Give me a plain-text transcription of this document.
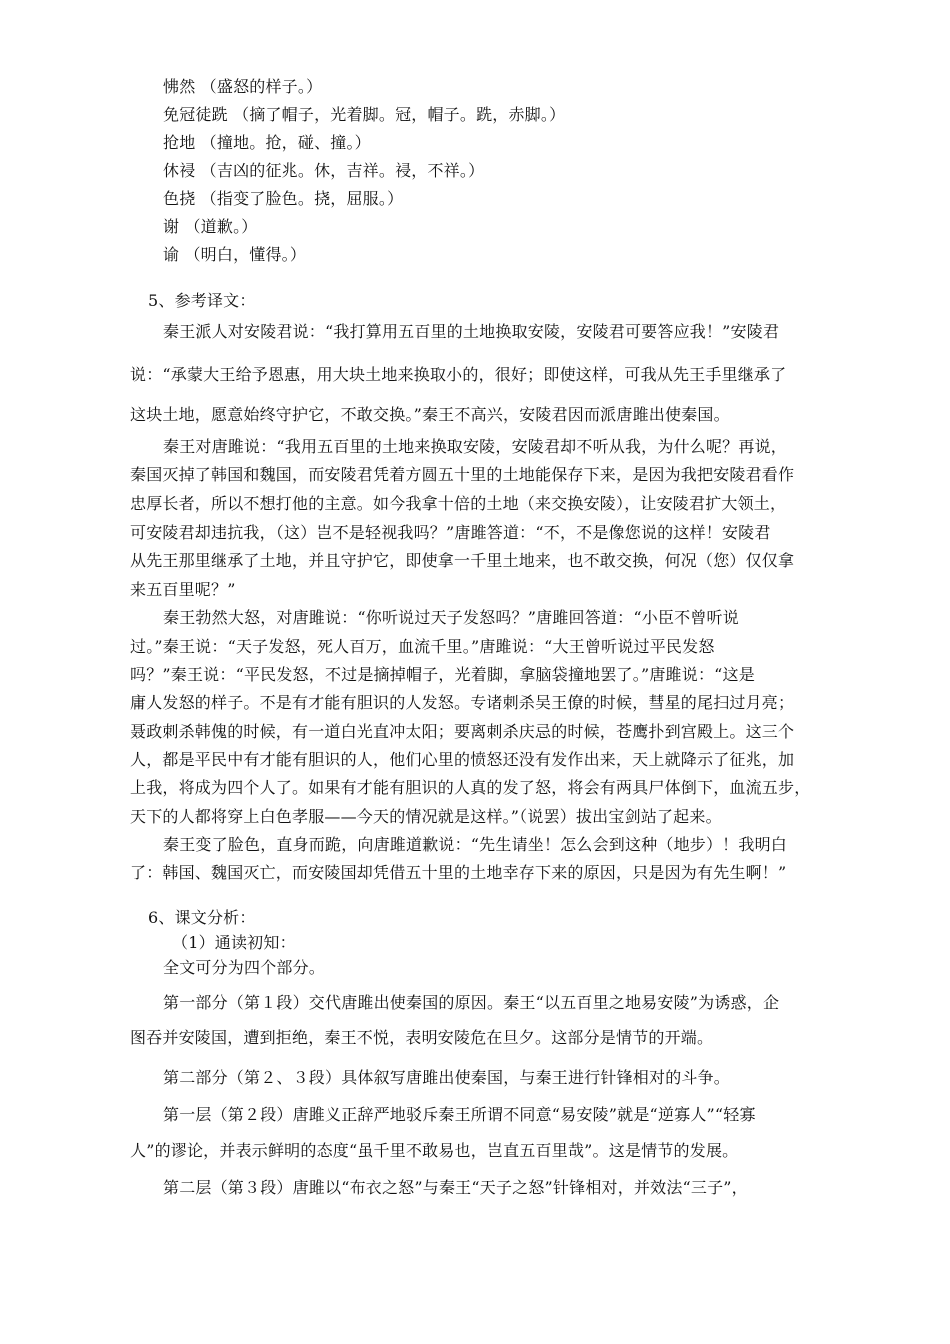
怫然 （盛怒的样子。）
免冠徒跣 （摘了帽子，光着脚。冠，帽子。跣，赤脚。）
抢地 （撞地。抢，碰、撞。）
休祲 （吉凶的征兆。休，吉祥。祲，不祥。）
色挠 （指变了脸色。挠，屈服。）
谢 （道歉。）
谕 （明白，懂得。）
5、参考译文：
秦王派人对安陵君说：“我打算用五百里的土地换取安陵，安陵君可要答应我！”安陵君
说：“承蒙大王给予恩惠，用大块土地来换取小的，很好；即使这样，可我从先王手里继承了
这块土地，愿意始终守护它，不敢交换。”秦王不高兴，安陵君因而派唐雎出使秦国。
秦王对唐雎说：“我用五百里的土地来换取安陵，安陵君却不听从我，为什么呢？再说，
秦国灭掉了韩国和魏国，而安陵君凭着方圆五十里的土地能保存下来，是因为我把安陵君看作
忠厚长者，所以不想打他的主意。如今我拿十倍的土地（来交换安陵），让安陵君扩大领土，
可安陵君却违抗我，（这）岂不是轻视我吗？”唐雎答道：“不，不是像您说的这样！安陵君
从先王那里继承了土地，并且守护它，即使拿一千里土地来，也不敢交换，何况（您）仅仅拿
来五百里呢？”
秦王勃然大怒，对唐雎说：“你听说过天子发怒吗？”唐雎回答道：“小臣不曾听说
过。”秦王说：“天子发怒，死人百万，血流千里。”唐雎说：“大王曾听说过平民发怒
吗？”秦王说：“平民发怒，不过是摘掉帽子，光着脚，拿脑袋撞地罢了。”唐雎说：“这是
庸人发怒的样子。不是有才能有胆识的人发怒。专诸刺杀吴王僚的时候，彗星的尾扫过月亮；
聂政刺杀韩傀的时候，有一道白光直冲太阳；要离刺杀庆忌的时候，苍鹰扑到宫殿上。这三个
人，都是平民中有才能有胆识的人，他们心里的愤怒还没有发作出来，天上就降示了征兆，加
上我，将成为四个人了。如果有才能有胆识的人真的发了怒，将会有两具尸体倒下，血流五步，
天下的人都将穿上白色孝服——今天的情况就是这样。”（说罢）拔出宝剑站了起来。
秦王变了脸色，直身而跪，向唐雎道歉说：“先生请坐！怎么会到这种（地步）！我明白
了：韩国、魏国灭亡，而安陵国却凭借五十里的土地幸存下来的原因，只是因为有先生啊！”
6、课文分析：
（1）通读初知：
全文可分为四个部分。
第一部分（第１段）交代唐雎出使秦国的原因。秦王“以五百里之地易安陵”为诱惑，企
图吞并安陵国，遭到拒绝，秦王不悦，表明安陵危在旦夕。这部分是情节的开端。
第二部分（第２、３段）具体叙写唐雎出使秦国，与秦王进行针锋相对的斗争。
第一层（第２段）唐雎义正辞严地驳斥秦王所谓不同意“易安陵”就是“逆寡人”“轻寡
人”的谬论，并表示鲜明的态度“虽千里不敢易也，岂直五百里哉”。这是情节的发展。
第二层（第３段）唐雎以“布衣之怒”与秦王“天子之怒”针锋相对，并效法“三子”，
